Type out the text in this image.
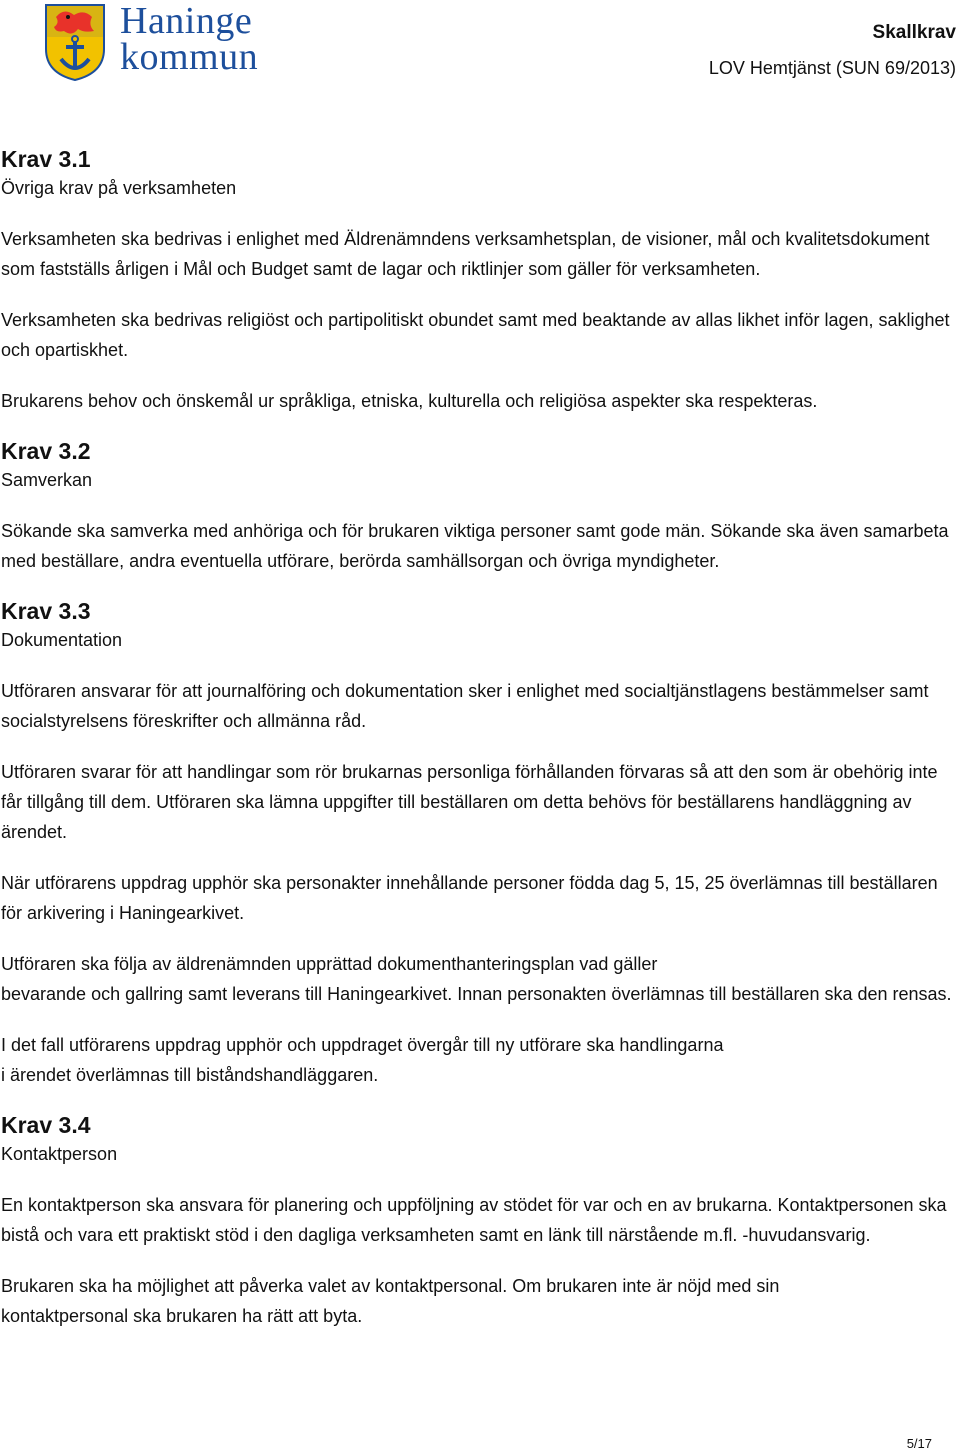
Haninge
kommun
Skallkrav
LOV Hemtjänst (SUN 69/2013)
Krav 3.1

Övriga krav på verksamheten

Verksamheten ska bedrivas i enlighet med Äldrenämndens verksamhetsplan, de visioner, mål och kvalitetsdokument som fastställs årligen i Mål och Budget samt de lagar och riktlinjer som gäller för verksamheten.

Verksamheten ska bedrivas religiöst och partipolitiskt obundet samt med beaktande av allas likhet inför lagen, saklighet och opartiskhet.

Brukarens behov och önskemål ur språkliga, etniska, kulturella och religiösa aspekter ska respekteras.

Krav 3.2

Samverkan

Sökande ska samverka med anhöriga och för brukaren viktiga personer samt gode män. Sökande ska även samarbeta med beställare, andra eventuella utförare, berörda samhällsorgan och övriga myndigheter.

Krav 3.3

Dokumentation

Utföraren ansvarar för att journalföring och dokumentation sker i enlighet med socialtjänstlagens bestämmelser samt socialstyrelsens föreskrifter och allmänna råd.

Utföraren svarar för att handlingar som rör brukarnas personliga förhållanden förvaras så att den som är obehörig inte får tillgång till dem. Utföraren ska lämna uppgifter till beställaren om detta behövs för beställarens handläggning av ärendet.

När utförarens uppdrag upphör ska personakter innehållande personer födda dag 5, 15, 25 överlämnas till beställaren för arkivering i Haningearkivet.

Utföraren ska följa av äldrenämnden upprättad dokumenthanteringsplan vad gäller
bevarande och gallring samt leverans till Haningearkivet. Innan personakten överlämnas till beställaren ska den rensas.

I det fall utförarens uppdrag upphör och uppdraget övergår till ny utförare ska handlingarna
i ärendet överlämnas till biståndshandläggaren.

Krav 3.4

Kontaktperson

En kontaktperson ska ansvara för planering och uppföljning av stödet för var och en av brukarna. Kontaktpersonen ska bistå och vara ett praktiskt stöd i den dagliga verksamheten samt en länk till närstående m.fl. -huvudansvarig.

Brukaren ska ha möjlighet att påverka valet av kontaktpersonal. Om brukaren inte är nöjd med sin kontaktpersonal ska brukaren ha rätt att byta.

5/17
